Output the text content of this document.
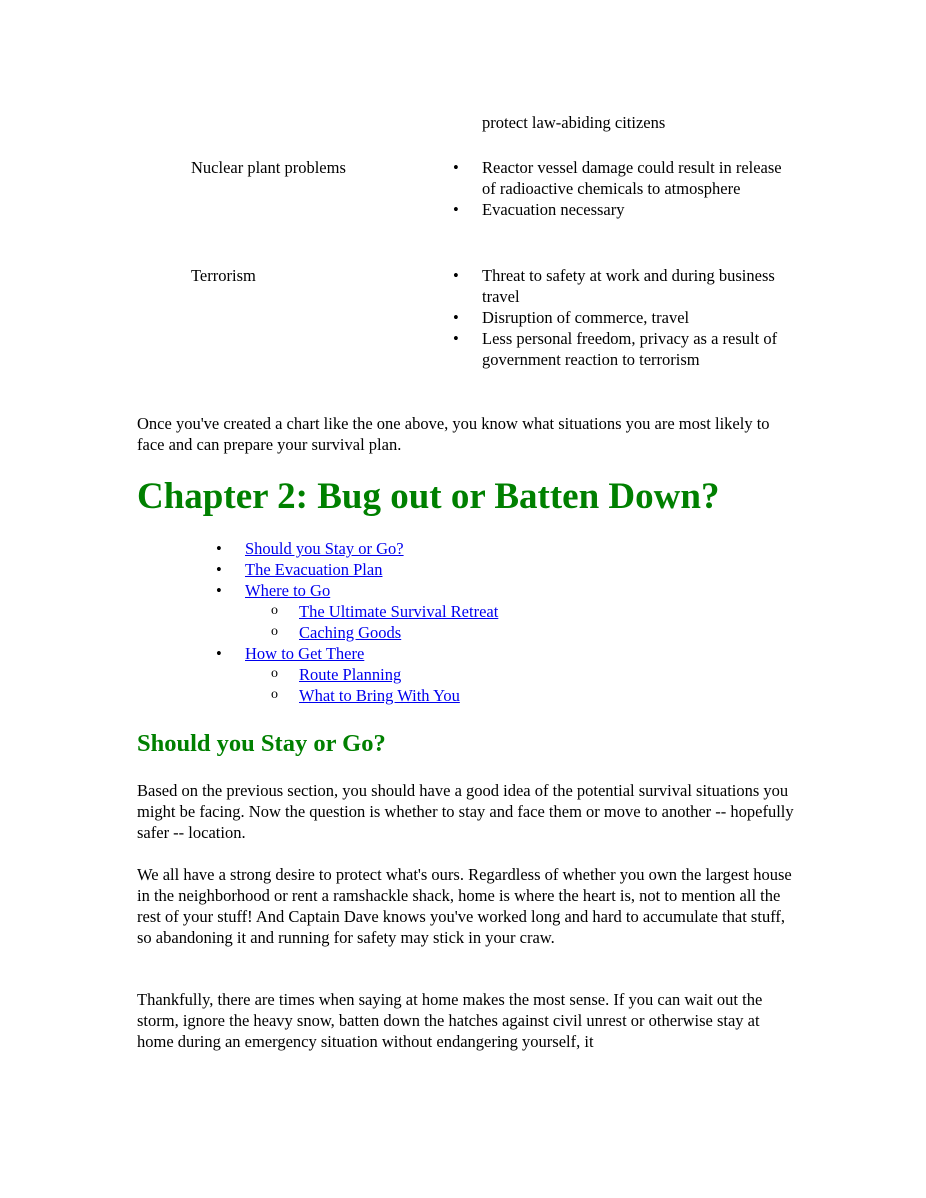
protect law-abiding citizens
Nuclear plant problems	• Reactor vessel damage could result in release of radioactive chemicals to atmosphere
• Evacuation necessary
Terrorism	• Threat to safety at work and during business travel
• Disruption of commerce, travel
• Less personal freedom, privacy as a result of government reaction to terrorism

Once you've created a chart like the one above, you know what situations you are most likely to face and can prepare your survival plan.

Chapter 2: Bug out or Batten Down?
• Should you Stay or Go?
• The Evacuation Plan
• Where to Go
o The Ultimate Survival Retreat
o Caching Goods
• How to Get There
o Route Planning
o What to Bring With You
Should you Stay or Go?

Based on the previous section, you should have a good idea of the potential survival situations you might be facing. Now the question is whether to stay and face them or move to another -- hopefully safer -- location.

We all have a strong desire to protect what's ours. Regardless of whether you own the largest house in the neighborhood or rent a ramshackle shack, home is where the heart is, not to mention all the rest of your stuff! And Captain Dave knows you've worked long and hard to accumulate that stuff, so abandoning it and running for safety may stick in your craw.

Thankfully, there are times when saying at home makes the most sense. If you can wait out the storm, ignore the heavy snow, batten down the hatches against civil unrest or otherwise stay at home during an emergency situation without endangering yourself, it
